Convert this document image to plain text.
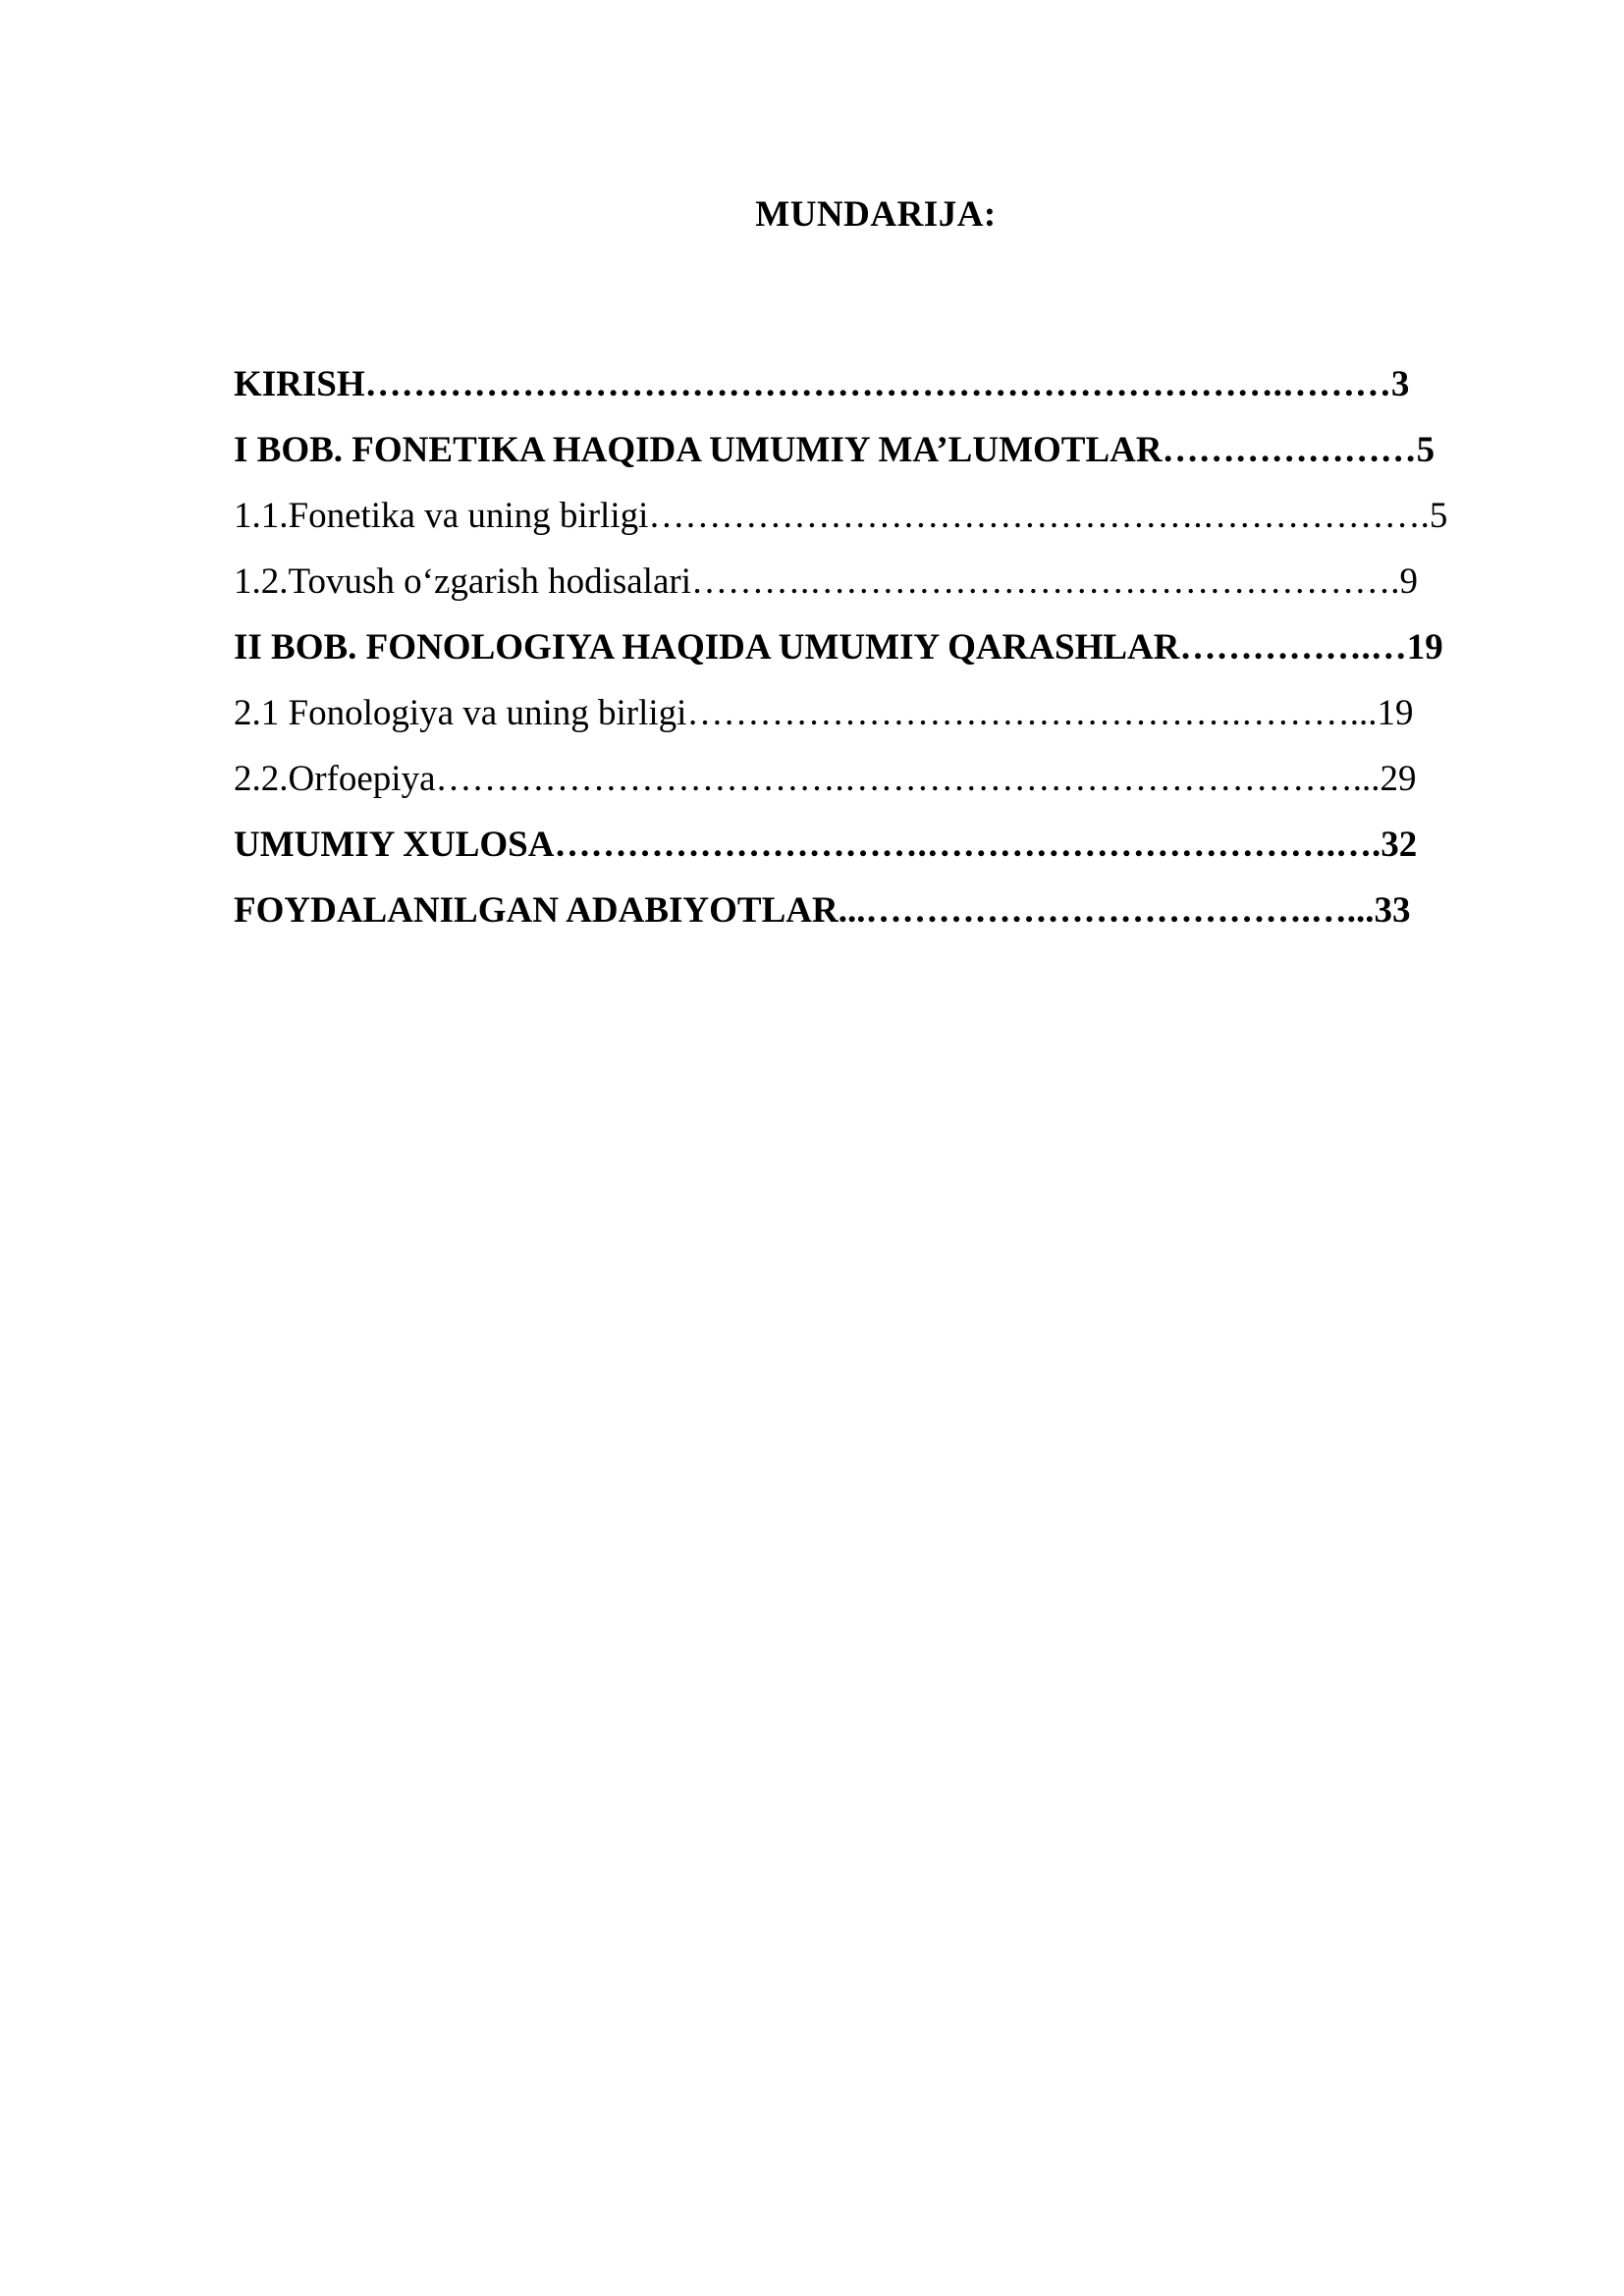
MUNDARIJA:
KIRISH………………………………………………………………….………3
I BOB. FONETIKA HAQIDA UMUMIY MA’LUMOTLAR…………………5
1.1.Fonetika va uning birligi……………………………………….……………….5
1.2.Tovush o‘zgarish hodisalari……….………………………………………….9
II BOB. FONOLOGIYA HAQIDA UMUMIY QARASHLAR…………….…19
2.1 Fonologiya va uning birligi……………………………………….………...19
2.2.Orfoepiya…………………………….……………………………………...29
UMUMIY XULOSA………………………….…………………………….….32
FOYDALANILGAN ADABIYOTLAR...……………………………….…...33
